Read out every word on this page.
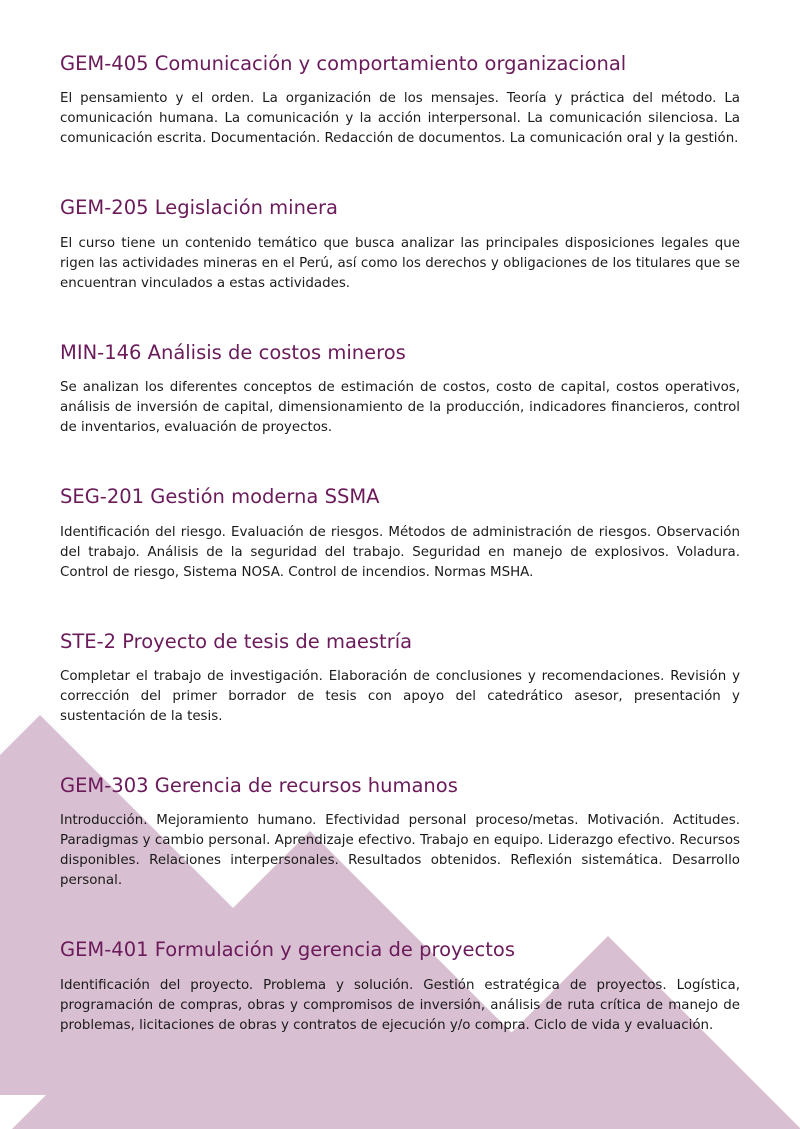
GEM-405 Comunicación y comportamiento organizacional

El pensamiento y el orden. La organización de los mensajes. Teoría y práctica del método. La comunicación humana. La comunicación y la acción interpersonal. La comunicación silenciosa. La comunicación escrita. Documentación. Redacción de documentos. La comunicación oral y la gestión.

GEM-205 Legislación minera

El curso tiene un contenido temático que busca analizar las principales disposiciones legales que rigen las actividades mineras en el Perú, así como los derechos y obligaciones de los titulares que se encuentran vinculados a estas actividades.

MIN-146 Análisis de costos mineros

Se analizan los diferentes conceptos de estimación de costos, costo de capital, costos operativos, análisis de inversión de capital, dimensionamiento de la producción, indicadores financieros, control de inventarios, evaluación de proyectos.

SEG-201 Gestión moderna SSMA

Identificación del riesgo. Evaluación de riesgos. Métodos de administración de riesgos. Observación del trabajo. Análisis de la seguridad del trabajo. Seguridad en manejo de explosivos. Voladura. Control de riesgo, Sistema NOSA. Control de incendios. Normas MSHA.

STE-2 Proyecto de tesis de maestría

Completar el trabajo de investigación. Elaboración de conclusiones y recomendaciones. Revisión y corrección del primer borrador de tesis con apoyo del catedrático asesor, presentación y sustentación de la tesis.

GEM-303 Gerencia de recursos humanos

Introducción. Mejoramiento humano. Efectividad personal proceso/metas. Motivación. Actitudes. Paradigmas y cambio personal. Aprendizaje efectivo. Trabajo en equipo. Liderazgo efectivo. Recursos disponibles. Relaciones interpersonales. Resultados obtenidos. Reflexión sistemática. Desarrollo personal.

GEM-401 Formulación y gerencia de proyectos

Identificación del proyecto. Problema y solución. Gestión estratégica de proyectos. Logística, programación de compras, obras y compromisos de inversión, análisis de ruta crítica de manejo de problemas, licitaciones de obras y contratos de ejecución y/o compra. Ciclo de vida y evaluación.
